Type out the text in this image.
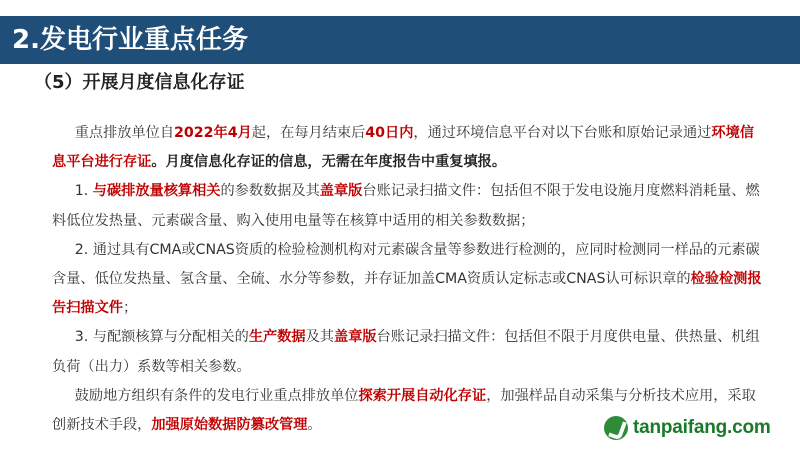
2.发电行业重点任务
（5）开展月度信息化存证

重点排放单位自2022年4月起，在每月结束后40日内，通过环境信息平台对以下台账和原始记录通过环境信息平台进行存证。月度信息化存证的信息，无需在年度报告中重复填报。

1. 与碳排放量核算相关的参数数据及其盖章版台账记录扫描文件：包括但不限于发电设施月度燃料消耗量、燃料低位发热量、元素碳含量、购入使用电量等在核算中适用的相关参数数据；

2. 通过具有CMA或CNAS资质的检验检测机构对元素碳含量等参数进行检测的，应同时检测同一样品的元素碳含量、低位发热量、氢含量、全硫、水分等参数，并存证加盖CMA资质认定标志或CNAS认可标识章的检验检测报告扫描文件；

3. 与配额核算与分配相关的生产数据及其盖章版台账记录扫描文件：包括但不限于月度供电量、供热量、机组负荷（出力）系数等相关参数。

鼓励地方组织有条件的发电行业重点排放单位探索开展自动化存证，加强样品自动采集与分析技术应用，采取创新技术手段，加强原始数据防篡改管理。	tanpaifang.com
